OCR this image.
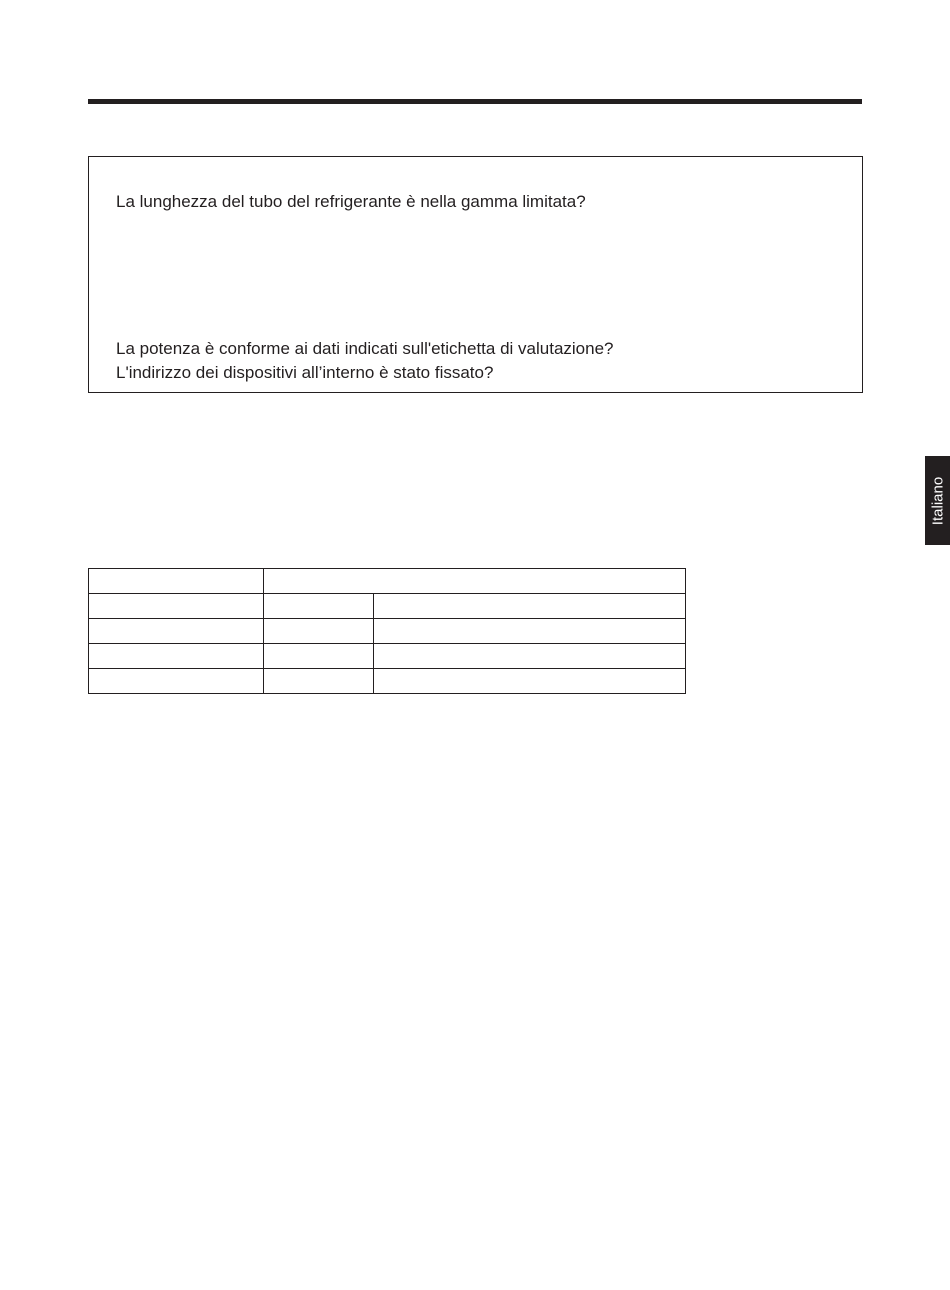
La lunghezza del tubo del refrigerante è nella gamma limitata?
La potenza è conforme ai dati indicati sull'etichetta di valutazione?
L'indirizzo dei dispositivi all’interno è stato fissato?
Italiano
